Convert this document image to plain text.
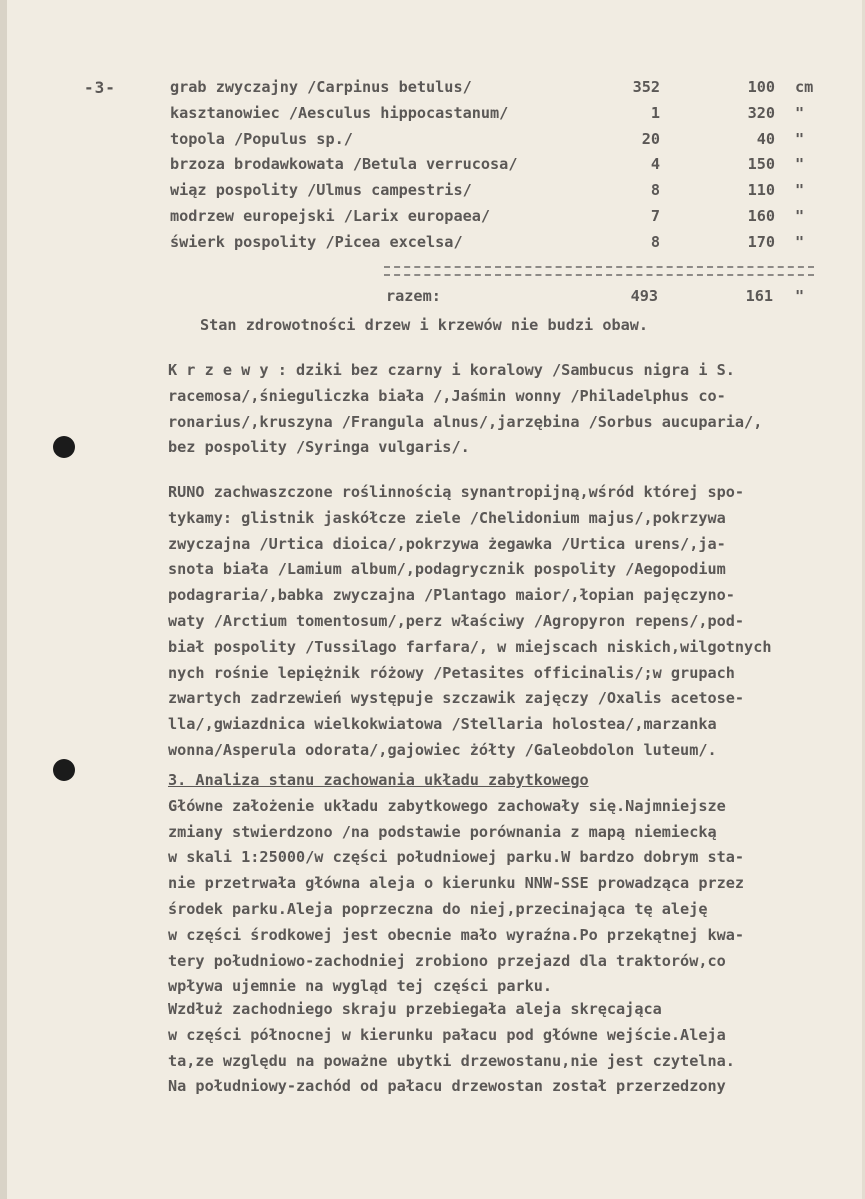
-3-	grab zwyczajny /Carpinus betulus/	352	100 cm
kasztanowiec /Aesculus hippocastanum/	1	320 "
topola /Populus sp./	20	40 "
brzoza brodawkowata /Betula verrucosa/	4	150 "
wiąz pospolity /Ulmus campestris/	8	110 "
modrzew europejski /Larix europaea/	7	160 "
świerk pospolity /Picea excelsa/	8	170 "
razem:	493	161 "
Stan zdrowotności drzew i krzewów nie budzi obaw.
K r z e w y : dziki bez czarny i koralowy /Sambucus nigra i S.
racemosa/,śnieguliczka biała /,Jaśmin wonny /Philadelphus co-
ronarius/,kruszyna /Frangula alnus/,jarzębina /Sorbus aucuparia/,
bez pospolity /Syringa vulgaris/.
RUNO zachwaszczone roślinnością synantropijną,wśród której spo-
tykamy: glistnik jaskółcze ziele /Chelidonium majus/,pokrzywa
zwyczajna /Urtica dioica/,pokrzywa żegawka /Urtica urens/,ja-
snota biała /Lamium album/,podagrycznik pospolity /Aegopodium
podagraria/,babka zwyczajna /Plantago maior/,łopian pajęczyno-
waty /Arctium tomentosum/,perz właściwy /Agropyron repens/,pod-
biał pospolity /Tussilago farfara/, w miejscach niskich,wilgotnych
nych rośnie lepiężnik różowy /Petasites officinalis/;w grupach
zwartych zadrzewień występuje szczawik zajęczy /Oxalis acetosе-
lla/,gwiazdnica wielkokwiatowa /Stellaria holostea/,marzanka
wonna/Asperula odorata/,gajowiec żółty /Galeobdolon luteum/.
3. Analiza stanu zachowania układu zabytkowego
Główne założenie układu zabytkowego zachowały się.Najmniejsze
zmiany stwierdzono /na podstawie porównania z mapą niemiecką
w skali 1:25000/w części południowej parku.W bardzo dobrym sta-
nie przetrwała główna aleja o kierunku NNW-SSE prowadząca przez
środek parku.Aleja poprzeczna do niej,przecinająca tę aleję
w części środkowej jest obecnie mało wyraźna.Po przekątnej kwa-
tery południowo-zachodniej zrobiono przejazd dla traktorów,co
wpływa ujemnie na wygląd tej części parku.
Wzdłuż zachodniego skraju przebiegała aleja skręcająca
w części północnej w kierunku pałacu pod główne wejście.Aleja
ta,ze względu na poważne ubytki drzewostanu,nie jest czytelna.
Na południowy-zachód od pałacu drzewostan został przerzedzony
